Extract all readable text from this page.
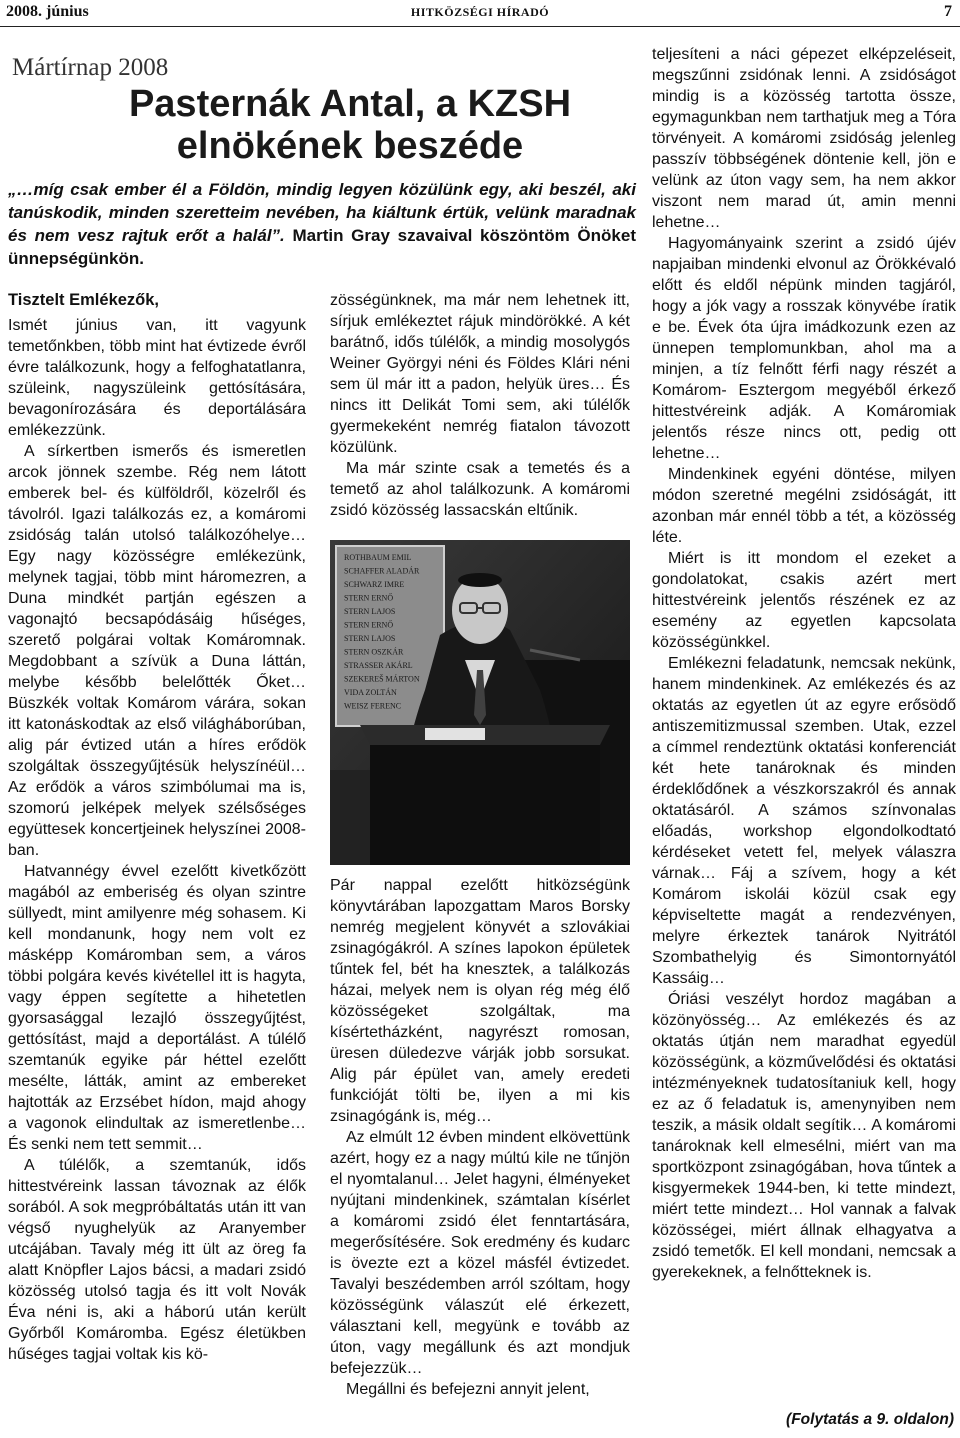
2008. június	HITKÖZSÉGI HÍRADÓ	7
Mártírnap 2008
Pasternák Antal, a KZSH elnökének beszéde
„…míg csak ember él a Földön, mindig legyen közülünk egy, aki beszél, aki tanúskodik, minden szeretteim nevében, ha kiáltunk értük, velünk maradnak és nem vesz rajtuk erőt a halál”. Martin Gray szavaival köszöntöm Önöket ünnepségünkön.
Tisztelt Emlékezők,

Ismét június van, itt vagyunk temetőnkben, több mint hat évtizede évről évre találkozunk, hogy a felfoghatatlanra, szüleink, nagyszüleink gettósítására, bevagonírozására és deportálására emlékezzünk.

A sírkertben ismerős és ismeretlen arcok jönnek szembe. Rég nem látott emberek bel- és külföldről, közelről és távolról. Igazi találkozás ez, a komáromi zsidóság talán utolsó találkozóhelye… Egy nagy közösségre emlékezünk, melynek tagjai, több mint háromezren, a Duna mindkét partján egészen a vagonajtó becsapódásáig hűséges, szerető polgárai voltak Komáromnak. Megdobbant a szívük a Duna láttán, melybe később belelőtték Őket… Büszkék voltak Komárom várára, sokan itt katonáskodtak az első világháborúban, alig pár évtized után a híres erődök szolgáltak összegyűjtésük helyszínéül… Az erődök a város szimbólumai ma is, szomorú jelképek melyek szélsőséges együttesek koncertjeinek helyszínei 2008-ban.

Hatvannégy évvel ezelőtt kivetkőzött magából az emberiség és olyan szintre süllyedt, mint amilyenre még sohasem. Ki kell mondanunk, hogy nem volt ez másképp Komáromban sem, a város többi polgára kevés kivétellel itt is hagyta, vagy éppen segítette a hihetetlen gyorsasággal lezajló összegyűjtést, gettósítást, majd a deportálást. A túlélő szemtanúk egyike pár héttel ezelőtt mesélte, látták, amint az embereket hajtották az Erzsébet hídon, majd ahogy a vagonok elindultak az ismeretlenbe… És senki nem tett semmit…

A túlélők, a szemtanúk, idős hittestvéreink lassan távoznak az élők sorából. A sok megpróbáltatás után itt van végső nyughelyük az Aranyember utcájában. Tavaly még itt ült az öreg fa alatt Knöpfler Lajos bácsi, a madari zsidó közösség utolsó tagja és itt volt Novák Éva néni is, aki a háború után került Győrből Komáromba. Egész életükben hűséges tagjai voltak kis kö-

zösségünknek, ma már nem lehetnek itt, sírjuk emlékeztet rájuk mindörökké. A két barátnő, idős túlélők, a mindig mosolygós Weiner Györgyi néni és Földes Klári néni sem ül már itt a padon, helyük üres… És nincs itt Delikát Tomi sem, aki túlélők gyermekeként nemrég fiatalon távozott közülünk.

Ma már szinte csak a temetés és a temető az ahol találkozunk. A komáromi zsidó közösség lassacskán eltűnik.

ROTHBAUM EMIL
SCHAFFER ALADÁR
SCHWARZ IMRE
STERN ERNŐ
STERN LAJOS
STERN ERNŐ
STERN LAJOS
STERN OSZKÁR
STRASSER AKÁRL
SZEKEREŠ MÁRTON
VIDA ZOLTÁN
WEISZ FERENC

Pár nappal ezelőtt hitközségünk könyvtárában lapozgattam Maros Borsky nemrég megjelent könyvét a szlovákiai zsinagógákról. A színes lapokon épületek tűntek fel, bét ha knesztek, a találkozás házai, melyek nem is olyan rég még élő közösségeket szolgáltak, ma kísértetházként, nagyrészt romosan, üresen düledezve várják jobb sorsukat. Alig pár épület van, amely eredeti funkcióját tölti be, ilyen a mi kis zsinagógánk is, még…

Az elmúlt 12 évben mindent elkövettünk azért, hogy ez a nagy múltú kile ne tűnjön el nyomtalanul… Jelet hagyni, élményeket nyújtani mindenkinek, számtalan kísérlet a komáromi zsidó élet fenntartására, megerősítésére. Sok eredmény és kudarc is övezte ezt a közel másfél évtizedet. Tavalyi beszédemben arról szóltam, hogy közösségünk válaszút elé érkezett, választani kell, megyünk e tovább az úton, vagy megállunk és azt mondjuk befejezzük…

Megállni és befejezni annyit jelent,

teljesíteni a náci gépezet elképzeléseit, megszűnni zsidónak lenni. A zsidóságot mindig is a közösség tartotta össze, egymagunkban nem tarthatjuk meg a Tóra törvényeit. A komáromi zsidóság jelenleg passzív többségének döntenie kell, jön e velünk az úton vagy sem, ha nem akkor viszont nem marad út, amin menni lehetne…

Hagyományaink szerint a zsidó újév napjaiban mindenki elvonul az Örökkévaló előtt és eldől népünk minden tagjáról, hogy a jók vagy a rosszak könyvébe íratik e be. Évek óta újra imádkozunk ezen az ünnepen templomunkban, ahol ma a minjen, a tíz felnőtt férfi nagy részét a Komárom- Esztergom megyéből érkező hittestvéreink adják. A Komáromiak jelentős része nincs ott, pedig ott lehetne…

Mindenkinek egyéni döntése, milyen módon szeretné megélni zsidóságát, itt azonban már ennél több a tét, a közösség léte.

Miért is itt mondom el ezeket a gondolatokat, csakis azért mert hittestvéreink jelentős részének ez az esemény az egyetlen kapcsolata közösségünkkel.

Emlékezni feladatunk, nemcsak nekünk, hanem mindenkinek. Az emlékezés és az oktatás az egyetlen út az egyre erősödő antiszemitizmussal szemben. Utak, ezzel a címmel rendeztünk oktatási konferenciát két hete tanároknak és minden érdeklődőnek a vészkorszakról és annak oktatásáról. A számos színvonalas előadás, workshop elgondolkodtató kérdéseket vetett fel, melyek válaszra várnak… Fáj a szívem, hogy a két Komárom iskolái közül csak egy képviseltette magát a rendezvényen, melyre érkeztek tanárok Nyitrától Szombathelyig és Simontornyától Kassáig…

Óriási veszélyt hordoz magában a közönyösség… Az emlékezés és az oktatás útján nem maradhat egyedül közösségünk, a közművelődési és oktatási intézményeknek tudatosítaniuk kell, hogy ez az ő feladatuk is, amenynyiben nem teszik, a másik oldalt segítik… A komáromi tanároknak kell elmesélni, miért van ma sportközpont zsinagógában, hova tűntek a kisgyermekek 1944-ben, ki tette mindezt, miért tette mindezt… Hol vannak a falvak közösségei, miért állnak elhagyatva a zsidó temetők. El kell mondani, nemcsak a gyerekeknek, a felnőtteknek is.

(Folytatás a 9. oldalon)
